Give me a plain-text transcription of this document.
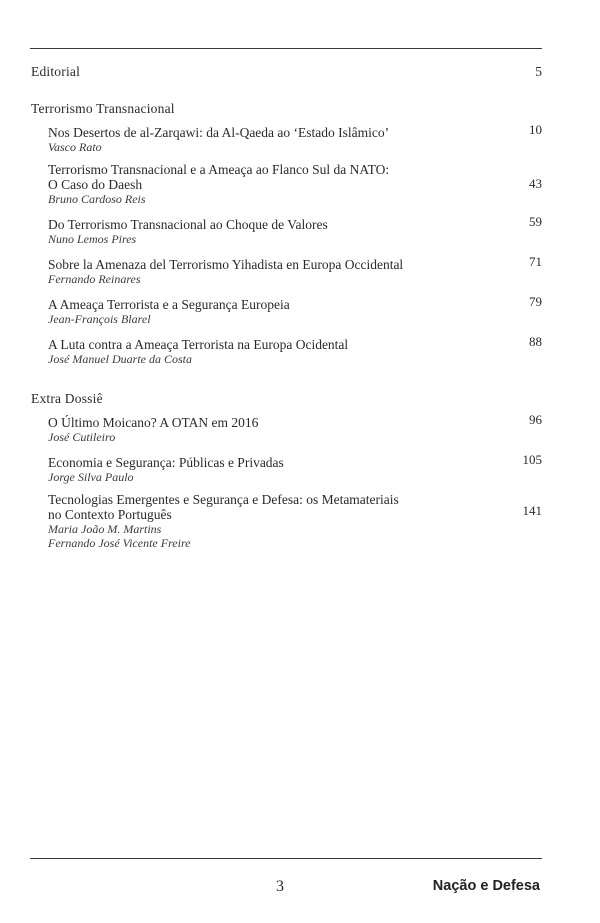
Editorial	5
Terrorismo Transnacional
Nos Desertos de al-Zarqawi: da Al-Qaeda ao ‘Estado Islâmico’
Vasco Rato
10
Terrorismo Transnacional e a Ameaça ao Flanco Sul da NATO:
O Caso do Daesh
Bruno Cardoso Reis
43
Do Terrorismo Transnacional ao Choque de Valores
Nuno Lemos Pires
59
Sobre la Amenaza del Terrorismo Yihadista en Europa Occidental
Fernando Reinares
71
A Ameaça Terrorista e a Segurança Europeia
Jean-François Blarel
79
A Luta contra a Ameaça Terrorista na Europa Ocidental
José Manuel Duarte da Costa
88
Extra Dossiê
O Último Moicano? A OTAN em 2016
José Cutileiro
96
Economia e Segurança: Públicas e Privadas
Jorge Silva Paulo
105
Tecnologias Emergentes e Segurança e Defesa: os Metamateriais
no Contexto Português
Maria João M. Martins
Fernando José Vicente Freire
141
3	Nação e Defesa
